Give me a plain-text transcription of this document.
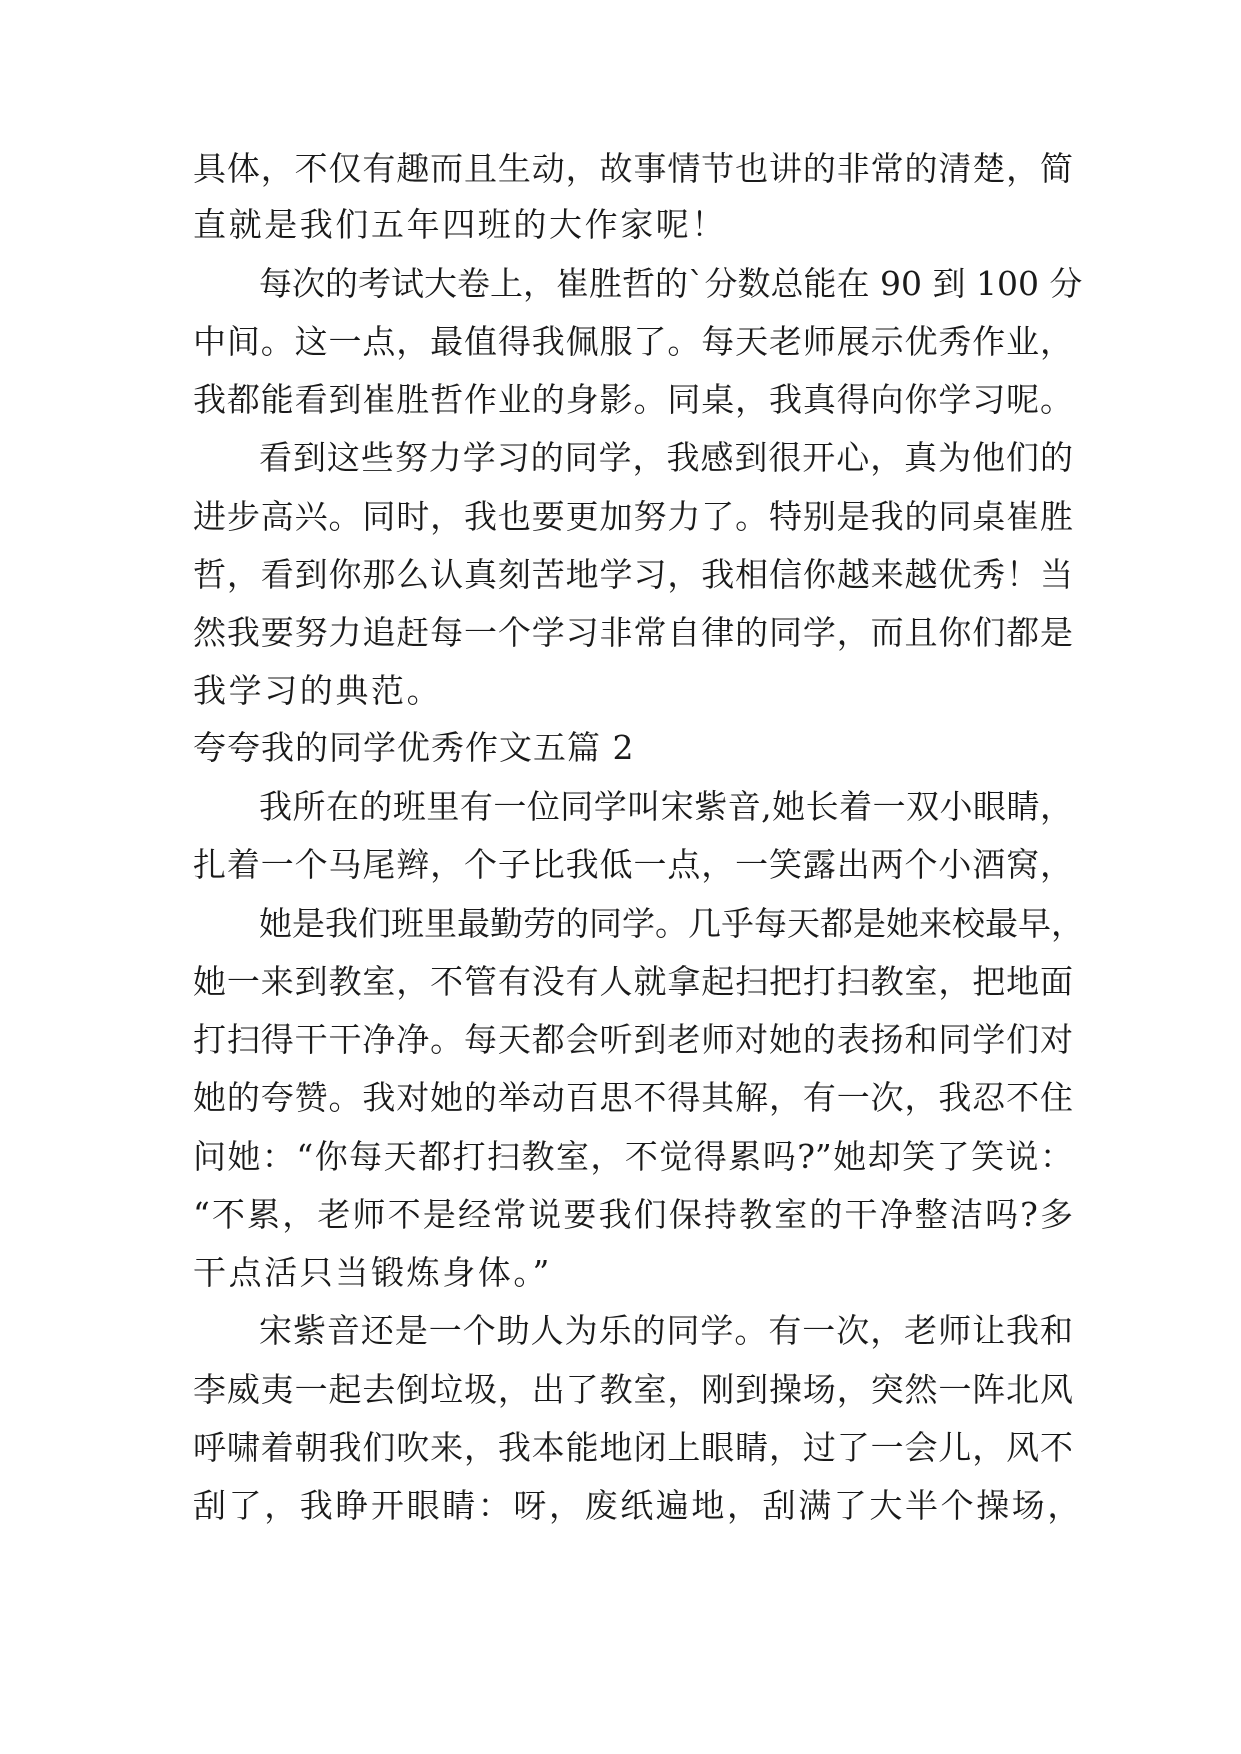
具体，不仅有趣而且生动，故事情节也讲的非常的清楚，简
直就是我们五年四班的大作家呢！
每次的考试大卷上，崔胜哲的`分数总能在 90 到 100 分
中间。这一点，最值得我佩服了。每天老师展示优秀作业，
我都能看到崔胜哲作业的身影。同桌，我真得向你学习呢。
看到这些努力学习的同学，我感到很开心，真为他们的
进步高兴。同时，我也要更加努力了。特别是我的同桌崔胜
哲，看到你那么认真刻苦地学习，我相信你越来越优秀！当
然我要努力追赶每一个学习非常自律的同学，而且你们都是
我学习的典范。
夸夸我的同学优秀作文五篇 2
我所在的班里有一位同学叫宋紫音,她长着一双小眼睛，
扎着一个马尾辫，个子比我低一点，一笑露出两个小酒窝，
她是我们班里最勤劳的同学。几乎每天都是她来校最早，
她一来到教室，不管有没有人就拿起扫把打扫教室，把地面
打扫得干干净净。每天都会听到老师对她的表扬和同学们对
她的夸赞。我对她的举动百思不得其解，有一次，我忍不住
问她：“你每天都打扫教室，不觉得累吗?”她却笑了笑说：
“不累，老师不是经常说要我们保持教室的干净整洁吗?多
干点活只当锻炼身体。”
宋紫音还是一个助人为乐的同学。有一次，老师让我和
李威夷一起去倒垃圾，出了教室，刚到操场，突然一阵北风
呼啸着朝我们吹来，我本能地闭上眼睛，过了一会儿，风不
刮了，我睁开眼睛：呀，废纸遍地，刮满了大半个操场，
